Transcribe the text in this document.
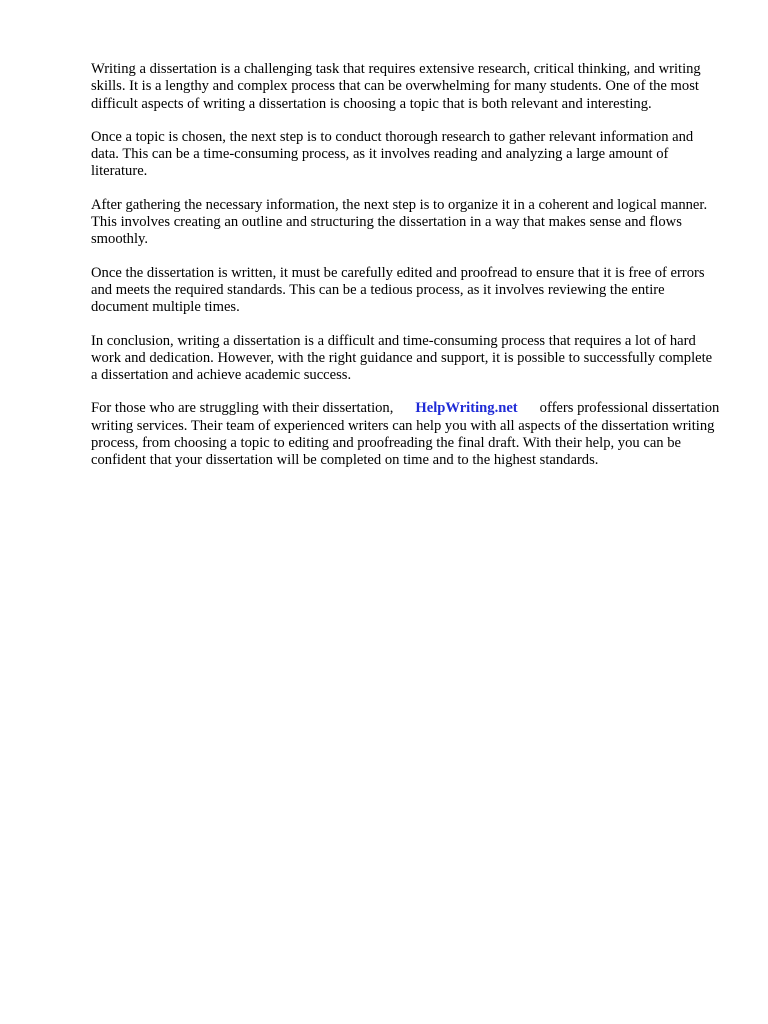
Writing a dissertation is a challenging task that requires extensive research, critical thinking, and writing skills. It is a lengthy and complex process that can be overwhelming for many students. One of the most difficult aspects of writing a dissertation is choosing a topic that is both relevant and interesting.

Once a topic is chosen, the next step is to conduct thorough research to gather relevant information and data. This can be a time-consuming process, as it involves reading and analyzing a large amount of literature.

After gathering the necessary information, the next step is to organize it in a coherent and logical manner. This involves creating an outline and structuring the dissertation in a way that makes sense and flows smoothly.

Once the dissertation is written, it must be carefully edited and proofread to ensure that it is free of errors and meets the required standards. This can be a tedious process, as it involves reviewing the entire document multiple times.

In conclusion, writing a dissertation is a difficult and time-consuming process that requires a lot of hard work and dedication. However, with the right guidance and support, it is possible to successfully complete a dissertation and achieve academic success.

For those who are struggling with their dissertation, HelpWriting.net offers professional dissertation writing services. Their team of experienced writers can help you with all aspects of the dissertation writing process, from choosing a topic to editing and proofreading the final draft. With their help, you can be confident that your dissertation will be completed on time and to the highest standards.
